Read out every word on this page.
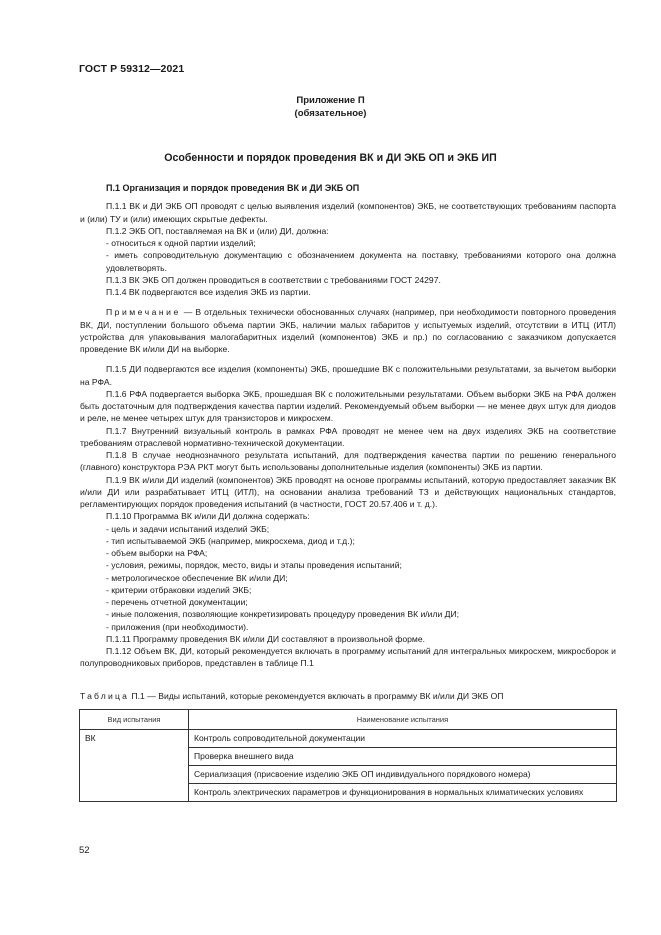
ГОСТ Р 59312—2021
Приложение П
(обязательное)
Особенности и порядок проведения ВК и ДИ ЭКБ ОП и ЭКБ ИП

П.1 Организация и порядок проведения ВК и ДИ ЭКБ ОП

П.1.1 ВК и ДИ ЭКБ ОП проводят с целью выявления изделий (компонентов) ЭКБ, не соответствующих требованиям паспорта и (или) ТУ и (или) имеющих скрытые дефекты.

П.1.2 ЭКБ ОП, поставляемая на ВК и (или) ДИ, должна:

- относиться к одной партии изделий;

- иметь сопроводительную документацию с обозначением документа на поставку, требованиями которого она должна удовлетворять.

П.1.3 ВК ЭКБ ОП должен проводиться в соответствии с требованиями ГОСТ 24297.

П.1.4 ВК подвергаются все изделия ЭКБ из партии.

Примечание — В отдельных технически обоснованных случаях (например, при необходимости повторного проведения ВК, ДИ, поступлении большого объема партии ЭКБ, наличии малых габаритов у испытуемых изделий, отсутствии в ИТЦ (ИТЛ) устройства для упаковывания малогабаритных изделий (компонентов) ЭКБ и пр.) по согласованию с заказчиком допускается проведение ВК и/или ДИ на выборке.

П.1.5 ДИ подвергаются все изделия (компоненты) ЭКБ, прошедшие ВК с положительными результатами, за вычетом выборки на РФА.

П.1.6 РФА подвергается выборка ЭКБ, прошедшая ВК с положительными результатами. Объем выборки ЭКБ на РФА должен быть достаточным для подтверждения качества партии изделий. Рекомендуемый объем выборки — не менее двух штук для диодов и реле, не менее четырех штук для транзисторов и микросхем.

П.1.7 Внутренний визуальный контроль в рамках РФА проводят не менее чем на двух изделиях ЭКБ на соответствие требованиям отраслевой нормативно-технической документации.

П.1.8 В случае неоднозначного результата испытаний, для подтверждения качества партии по решению генерального (главного) конструктора РЭА РКТ могут быть использованы дополнительные изделия (компоненты) ЭКБ из партии.

П.1.9 ВК и/или ДИ изделий (компонентов) ЭКБ проводят на основе программы испытаний, которую предоставляет заказчик ВК и/или ДИ или разрабатывает ИТЦ (ИТЛ), на основании анализа требований ТЗ и действующих национальных стандартов, регламентирующих порядок проведения испытаний (в частности, ГОСТ 20.57.406 и т. д.).

П.1.10 Программа ВК и/или ДИ должна содержать:

- цель и задачи испытаний изделий ЭКБ;

- тип испытываемой ЭКБ (например, микросхема, диод и т.д.);

- объем выборки на РФА;

- условия, режимы, порядок, место, виды и этапы проведения испытаний;

- метрологическое обеспечение ВК и/или ДИ;

- критерии отбраковки изделий ЭКБ;

- перечень отчетной документации;

- иные положения, позволяющие конкретизировать процедуру проведения ВК и/или ДИ;

- приложения (при необходимости).

П.1.11 Программу проведения ВК и/или ДИ составляют в произвольной форме.

П.1.12 Объем ВК, ДИ, который рекомендуется включать в программу испытаний для интегральных микросхем, микросборок и полупроводниковых приборов, представлен в таблице П.1

Таблица П.1 — Виды испытаний, которые рекомендуется включать в программу ВК и/или ДИ ЭКБ ОП
Вид испытания	Наименование испытания
ВК	Контроль сопроводительной документации
	Проверка внешнего вида
	Сериализация (присвоение изделию ЭКБ ОП индивидуального порядкового номера)
	Контроль электрических параметров и функционирования в нормальных климатических условиях
52
